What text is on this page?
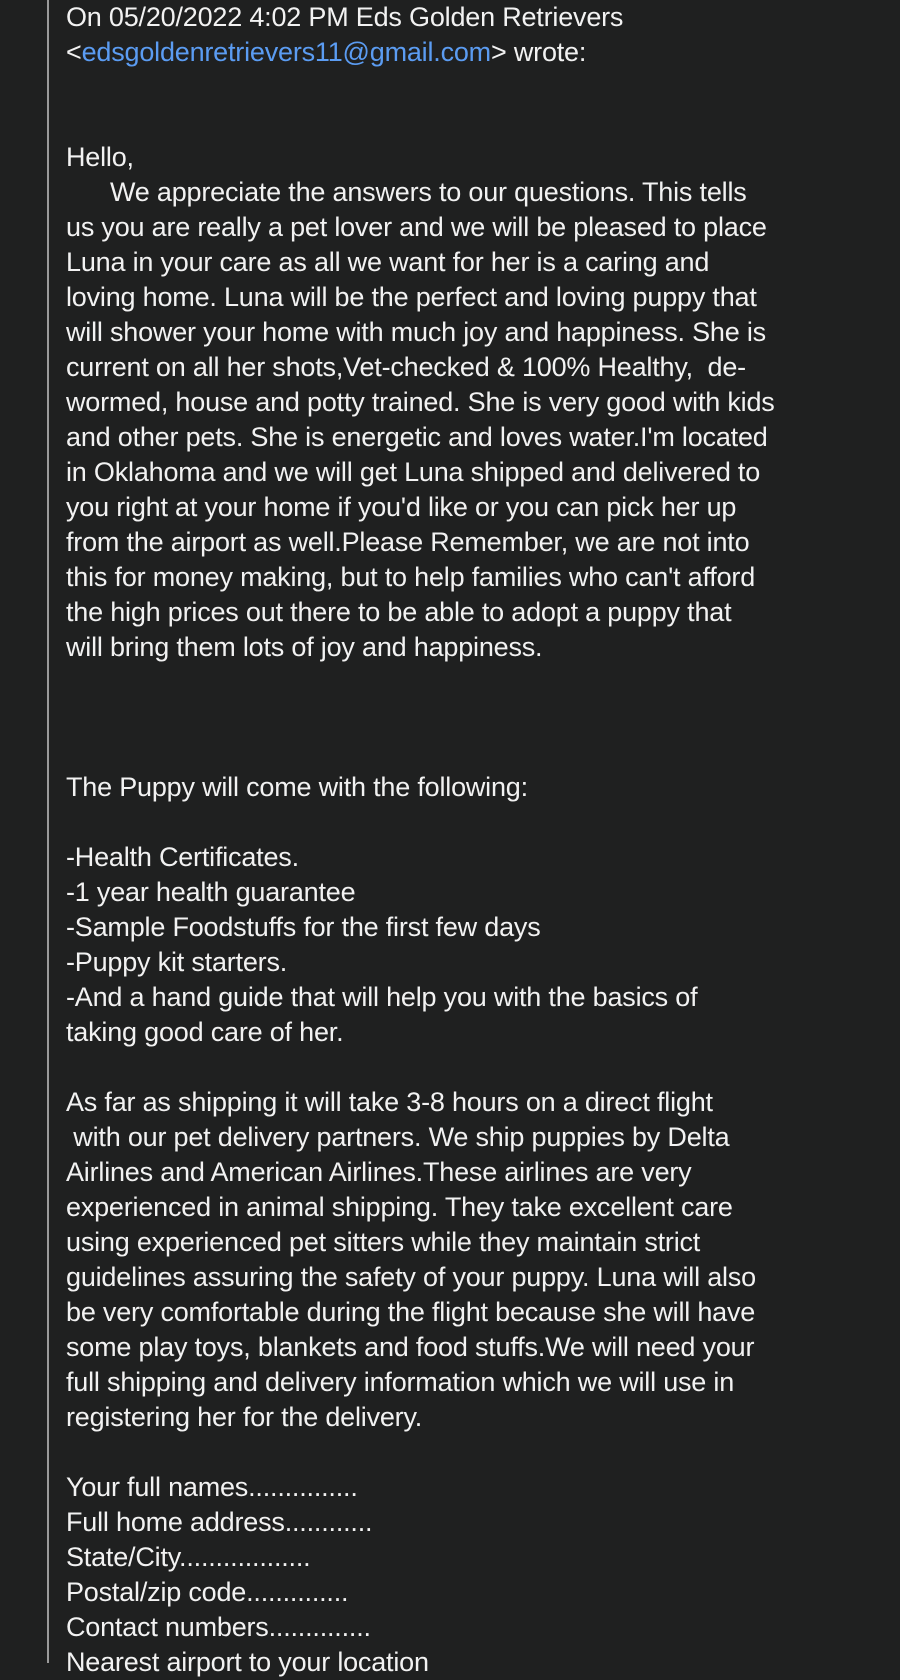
On 05/20/2022 4:02 PM Eds Golden Retrievers
<edsgoldenretrievers11@gmail.com> wrote:
Hello,
We appreciate the answers to our questions. This tells
us you are really a pet lover and we will be pleased to place
Luna in your care as all we want for her is a caring and
loving home. Luna will be the perfect and loving puppy that
will shower your home with much joy and happiness. She is
current on all her shots,Vet-checked & 100% Healthy,  de-
wormed, house and potty trained. She is very good with kids
and other pets. She is energetic and loves water.I'm located
in Oklahoma and we will get Luna shipped and delivered to
you right at your home if you'd like or you can pick her up
from the airport as well.Please Remember, we are not into
this for money making, but to help families who can't afford
the high prices out there to be able to adopt a puppy that
will bring them lots of joy and happiness.
The Puppy will come with the following:
-Health Certificates.
-1 year health guarantee
-Sample Foodstuffs for the first few days
-Puppy kit starters.
-And a hand guide that will help you with the basics of
taking good care of her.
As far as shipping it will take 3-8 hours on a direct flight
with our pet delivery partners. We ship puppies by Delta
Airlines and American Airlines.These airlines are very
experienced in animal shipping. They take excellent care
using experienced pet sitters while they maintain strict
guidelines assuring the safety of your puppy. Luna will also
be very comfortable during the flight because she will have
some play toys, blankets and food stuffs.We will need your
full shipping and delivery information which we will use in
registering her for the delivery.
Your full names...............
Full home address............
State/City..................
Postal/zip code..............
Contact numbers..............
Nearest airport to your location
